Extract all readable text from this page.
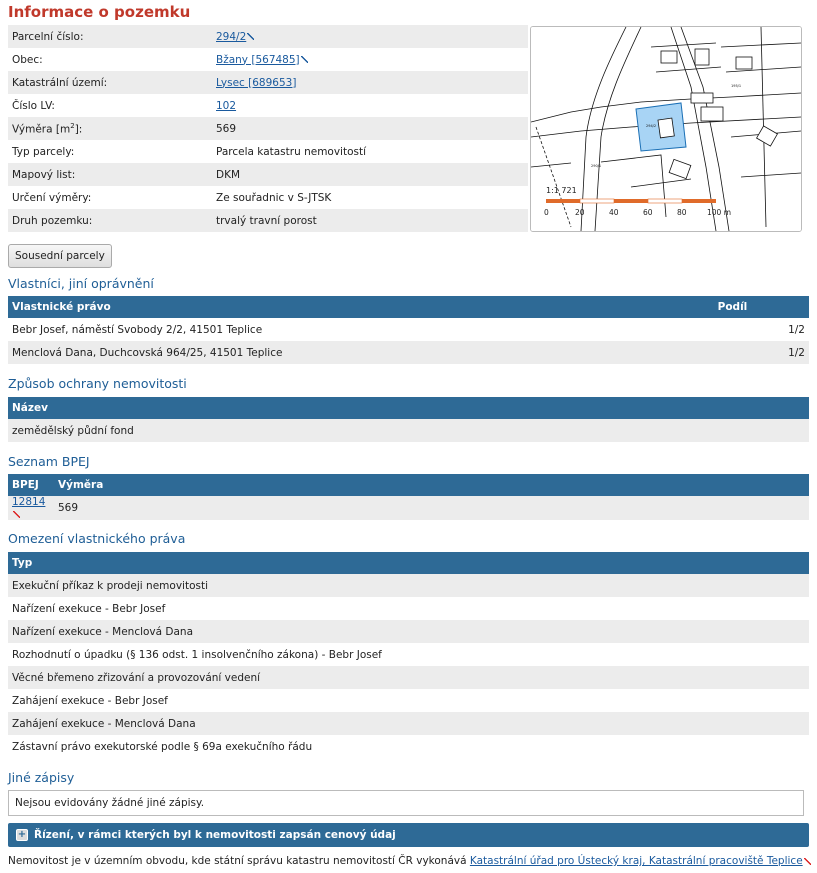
Informace o pozemku
Parcelní číslo:	294/2
Obec:	Bžany [567485]
Katastrální území:	Lysec [689653]
Číslo LV:	102
Výměra $[m^2]$:	569
Typ parcely:	Parcela katastru nemovitostí
Mapový list:	DKM
Určení výměry:	Ze souřadnic v S-JTSK
Druh pozemku:	trvalý travní porost
294/2
195/1
290/1
1:1 721
0	20	40	60	80	100 m
Sousední parcely
Vlastníci, jiní oprávnění
Vlastnické právo	Podíl
Bebr Josef, náměstí Svobody 2/2, 41501 Teplice	1/2
Menclová Dana, Duchcovská 964/25, 41501 Teplice	1/2
Způsob ochrany nemovitosti
Název
zemědělský půdní fond
Seznam BPEJ
BPEJ	Výměra
12814	569
Omezení vlastnického práva
Typ
Exekuční příkaz k prodeji nemovitosti
Nařízení exekuce - Bebr Josef
Nařízení exekuce - Menclová Dana
Rozhodnutí o úpadku (§ 136 odst. 1 insolvenčního zákona) - Bebr Josef
Věcné břemeno zřizování a provozování vedení
Zahájení exekuce - Bebr Josef
Zahájení exekuce - Menclová Dana
Zástavní právo exekutorské podle § 69a exekučního řádu
Jiné zápisy
Nejsou evidovány žádné jiné zápisy.
+ Řízení, v rámci kterých byl k nemovitosti zapsán cenový údaj
Nemovitost je v územním obvodu, kde státní správu katastru nemovitostí ČR vykonává Katastrální úřad pro Ústecký kraj, Katastrální pracoviště Teplice
